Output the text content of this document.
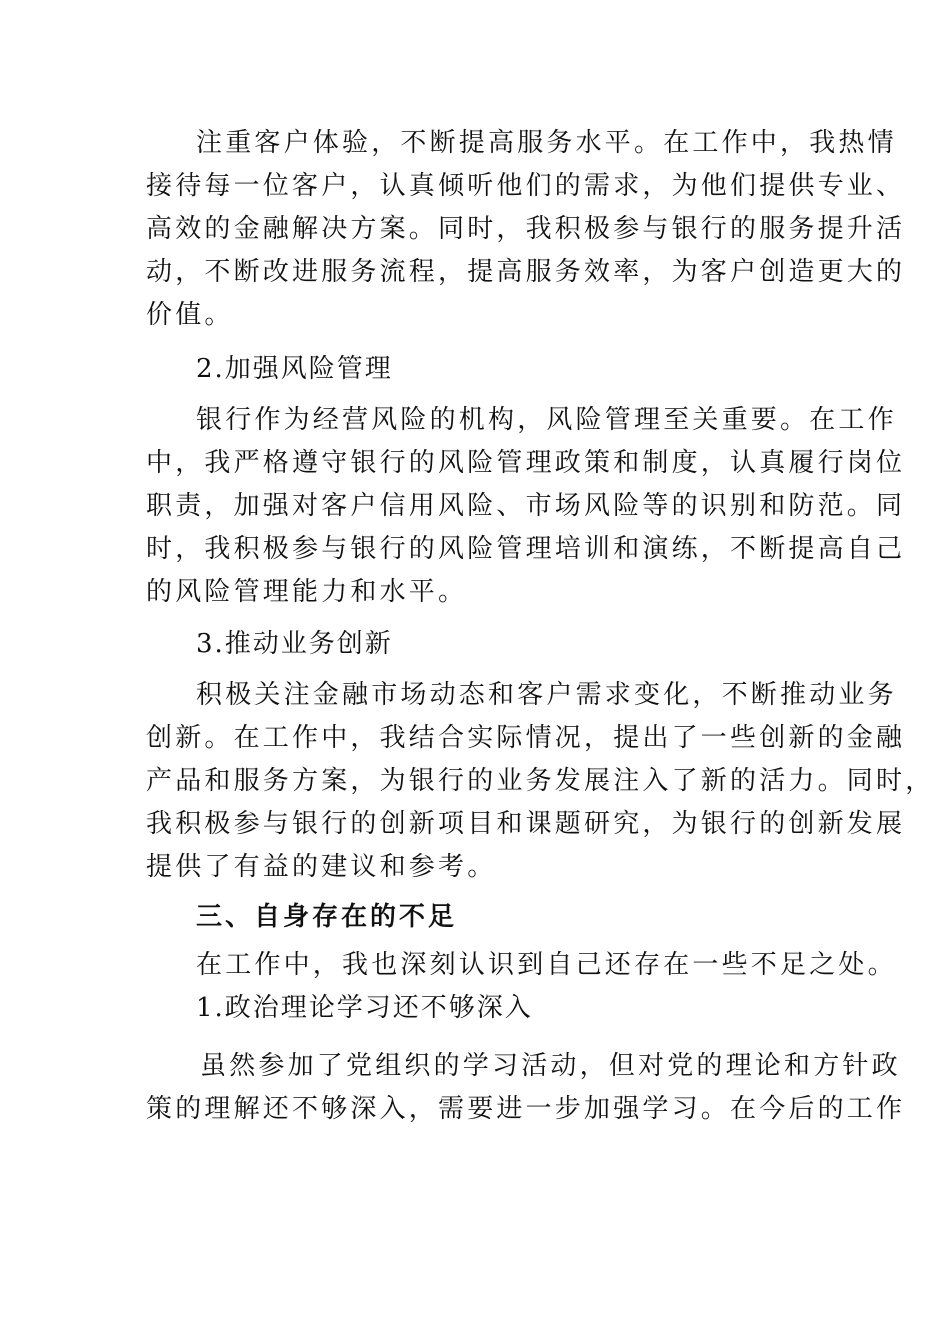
注重客户体验，不断提高服务水平。在工作中，我热情
接待每一位客户，认真倾听他们的需求，为他们提供专业、
高效的金融解决方案。同时，我积极参与银行的服务提升活
动，不断改进服务流程，提高服务效率，为客户创造更大的
价值。
2.加强风险管理
银行作为经营风险的机构，风险管理至关重要。在工作
中，我严格遵守银行的风险管理政策和制度，认真履行岗位
职责，加强对客户信用风险、市场风险等的识别和防范。同
时，我积极参与银行的风险管理培训和演练，不断提高自己
的风险管理能力和水平。
3.推动业务创新
积极关注金融市场动态和客户需求变化，不断推动业务
创新。在工作中，我结合实际情况，提出了一些创新的金融
产品和服务方案，为银行的业务发展注入了新的活力。同时，
我积极参与银行的创新项目和课题研究，为银行的创新发展
提供了有益的建议和参考。
三、自身存在的不足
在工作中，我也深刻认识到自己还存在一些不足之处。
1.政治理论学习还不够深入
虽然参加了党组织的学习活动，但对党的理论和方针政
策的理解还不够深入，需要进一步加强学习。在今后的工作
